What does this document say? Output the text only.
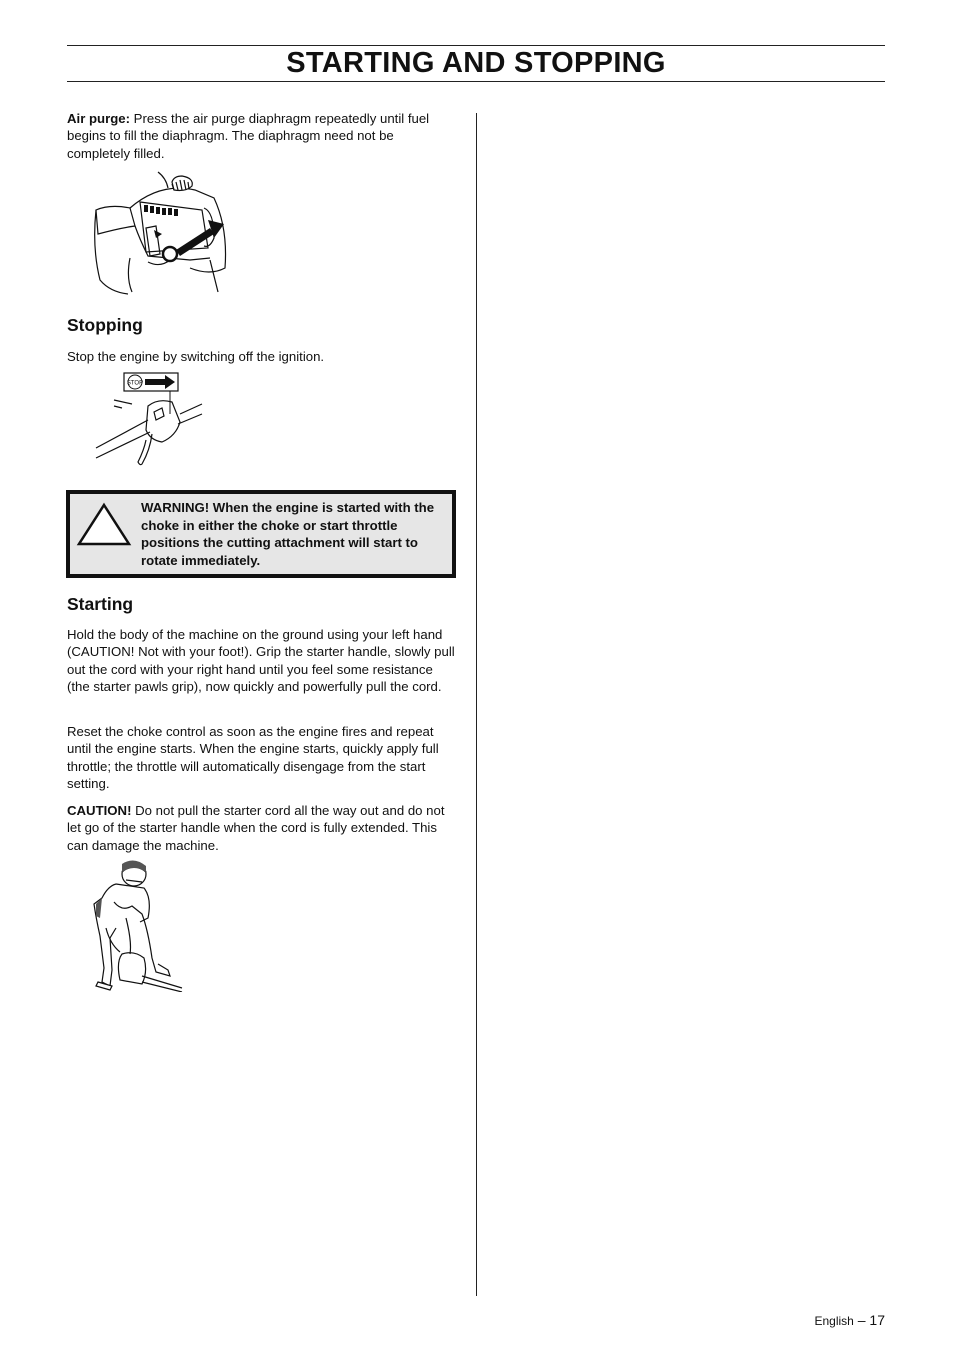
STARTING AND STOPPING

Air purge: Press the air purge diaphragm repeatedly until fuel begins to fill the diaphragm. The diaphragm need not be completely filled.

Stopping

Stop the engine by switching off the ignition.

STOP
WARNING! When the engine is started with the choke in either the choke or start throttle positions the cutting attachment will start to rotate immediately.
Starting

Hold the body of the machine on the ground using your left hand (CAUTION! Not with your foot!). Grip the starter handle, slowly pull out the cord with your right hand until you feel some resistance (the starter pawls grip), now quickly and powerfully pull the cord.

Reset the choke control as soon as the engine fires and repeat until the engine starts. When the engine starts, quickly apply full throttle; the throttle will automatically disengage from the start setting.

CAUTION! Do not pull the starter cord all the way out and do not let go of the starter handle when the cord is fully extended. This can damage the machine.

English – 17
